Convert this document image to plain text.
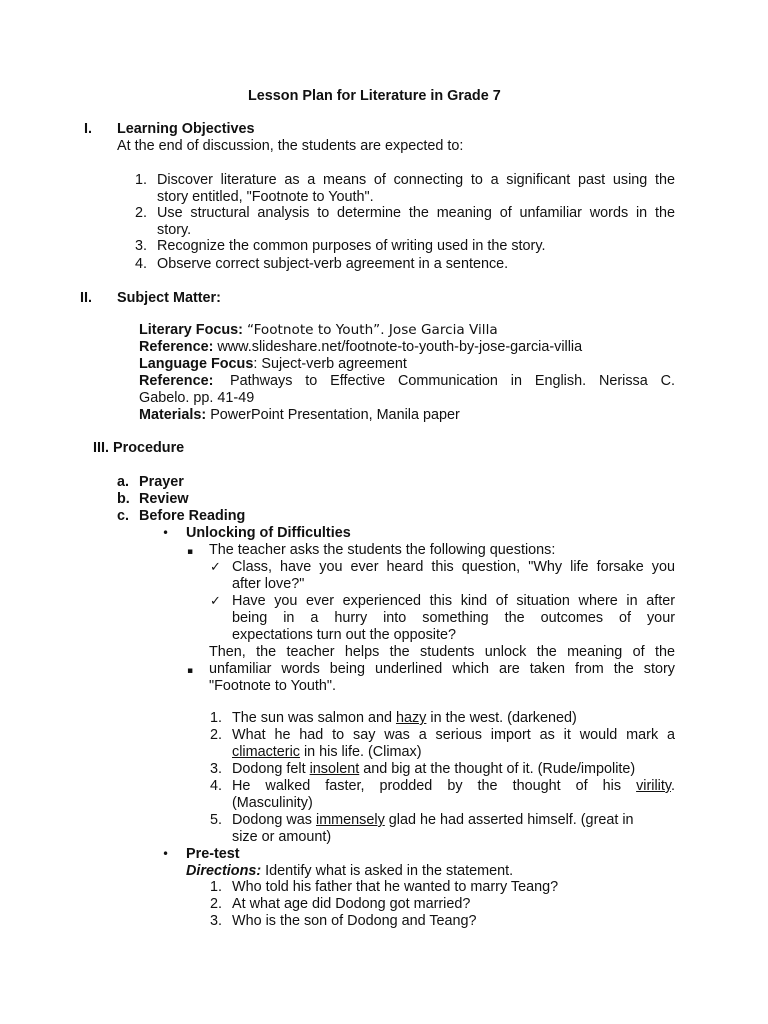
Lesson Plan for Literature in Grade 7
I. Learning Objectives
At the end of discussion, the students are expected to:
1. Discover literature as a means of connecting to a significant past using the
story entitled, "Footnote to Youth".
2. Use structural analysis to determine the meaning of unfamiliar words in the
story.
3. Recognize the common purposes of writing used in the story.
4. Observe correct subject-verb agreement in a sentence.
II. Subject Matter:
Literary Focus: “Footnote to Youth”. Jose Garcia Villa
Reference: www.slideshare.net/footnote-to-youth-by-jose-garcia-villia
Language Focus: Suject-verb agreement
Reference: Pathways to Effective Communication in English. Nerissa C.
Gabelo. pp. 41-49
Materials: PowerPoint Presentation, Manila paper
III. Procedure
a. Prayer
b. Review
c. Before Reading
• Unlocking of Difficulties
▪	The teacher asks the students the following questions:
✓ Class, have you ever heard this question, "Why life forsake you
after love?"
✓ Have you ever experienced this kind of situation where in after
being in a hurry into something the outcomes of your
expectations turn out the opposite?
▪
Then, the teacher helps the students unlock the meaning of the
unfamiliar words being underlined which are taken from the story
"Footnote to Youth".
1. The sun was salmon and hazy in the west. (darkened)
2. What he had to say was a serious import as it would mark a
climacteric in his life. (Climax)
3. Dodong felt insolent and big at the thought of it. (Rude/impolite)
4. He walked faster, prodded by the thought of his virility.
(Masculinity)
5. Dodong was immensely glad he had asserted himself. (great in
size or amount)
• Pre-test
Directions: Identify what is asked in the statement.
1. Who told his father that he wanted to marry Teang?
2. At what age did Dodong got married?
3. Who is the son of Dodong and Teang?
